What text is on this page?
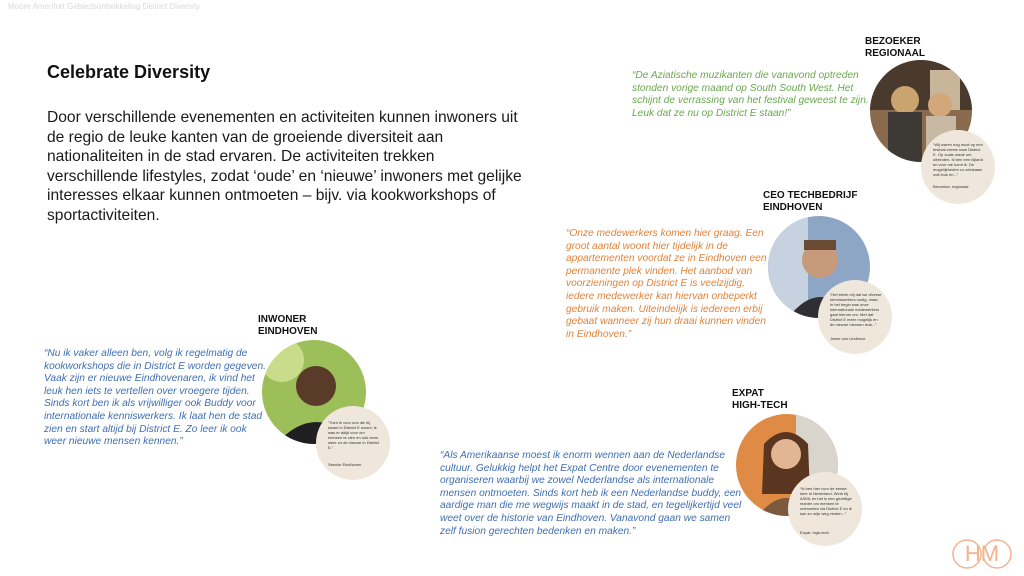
Moore Amerifort Gebiedsontwikkeling District Diversity
Celebrate Diversity
Door verschillende evenementen en activiteiten kunnen inwoners uit de regio de leuke kanten van de groeiende diversiteit aan nationaliteiten in de stad ervaren. De activiteiten trekken verschillende lifestyles, zodat ‘oude’ en ‘nieuwe’ inwoners met gelijke interesses elkaar kunnen ontmoeten – bijv. via kookworkshops of sportactiviteiten.
BEZOEKER
REGIONAAL
“De Aziatische muzikanten die vanavond optreden stonden vorige maand op South South West. Het schijnt de verrassing van het festival geweest te zijn. Leuk dat ze nu op District E staan!”
“Wij waren nog nooit op een festival ermee naar District E. Op zoals made om uiteinden. Ik ben een bijland en voor me komt ik. De mogelijkheden zo zeldzaam ooit leuk en...”
Bezoeker, regionaal
CEO TECHBEDRIJF
EINDHOVEN
“Onze medewerkers komen hier graag. Een groot aantal woont hier tijdelijk in de appartementen voordat ze in Eindhoven een permanente plek vinden. Het aanbod van voorzieningen op District E is veelzijdig, iedere medewerker kan hiervan onbeperkt gebruik maken. Uiteindelijk is iedereen erbij gebaat wanneer zij hun draai kunnen vinden in Eindhoven.”
“Het bleek mij dat we diverse kenniswerkers nodig, maar in het begin was onze internationale medewerkers gaat hierom om. Met dat District E meer mogelijk en de nieuwe mensen leuk...”
Jesse van Lindhove
INWONER
EINDHOVEN
“Nu ik vaker alleen ben, volg ik regelmatig de kookworkshops die in District E worden gegeven. Vaak zijn er nieuwe Eindhovenaren, ik vind het leuk hen iets te vertellen over vroegere tijden. Sinds kort ben ik als vrijwilliger ook Buddy voor internationale kenniswerkers. Ik laat hen de stad zien en start altijd bij District E. Zo leer ik ook weer nieuwe mensen kennen.”
“Toen ik voor ons die hij kwam in District E woont, ik was er altijd voor om mensen te zien en ook eens weer zo de nieuwe in District E.”
Seecke Eindhoven
EXPAT
HIGH-TECH
“Als Amerikaanse moest ik enorm wennen aan de Nederlandse cultuur. Gelukkig helpt het Expat Centre door evenementen te organiseren waarbij we zowel Nederlandse als internationale mensen ontmoeten. Sinds kort heb ik een Nederlandse buddy, een aardige man die me wegwijs maakt in de stad, en tegelijkertijd veel weet over de historie van Eindhoven. Vanavond gaan we samen zelf fusion gerechten bedenken en maken.”
“Ik ben hier voor de eerste keer in Nederland. Werk bij ASML en het is een gezellige manier om mensen te ontmoeten via District E en ik kan zo mijn weg vinden...”
Expat, high-tech
HM
